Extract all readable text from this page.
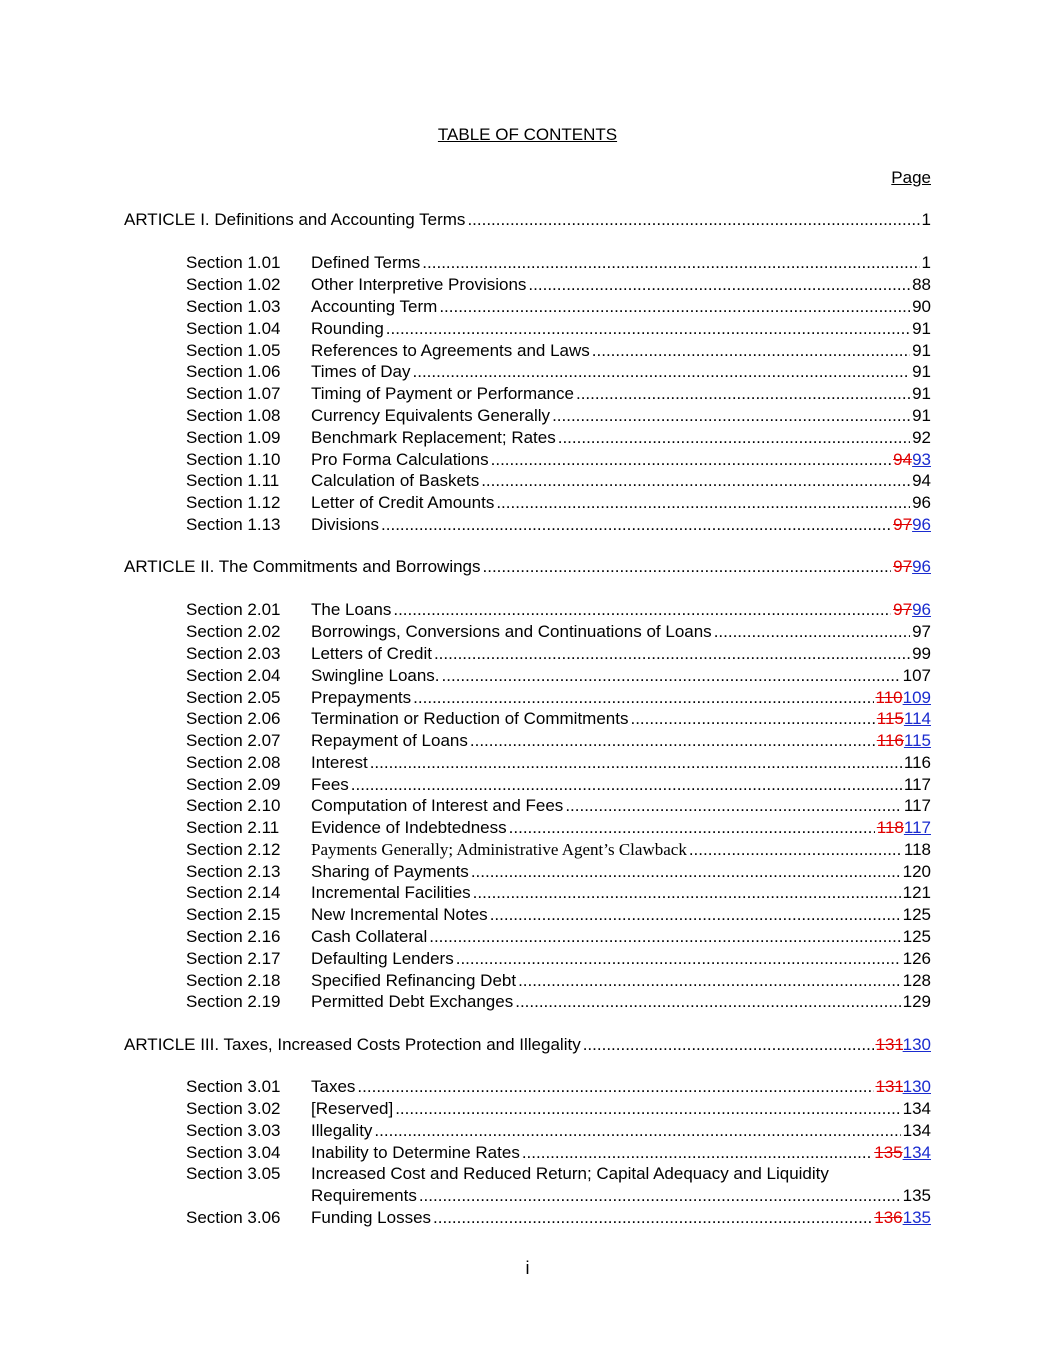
TABLE OF CONTENTS
Page
ARTICLE I. Definitions and Accounting Terms .....	1
Section 1.01	Defined Terms .....	1
Section 1.02	Other Interpretive Provisions .....	88
Section 1.03	Accounting Term .....	90
Section 1.04	Rounding .....	91
Section 1.05	References to Agreements and Laws .....	91
Section 1.06	Times of Day .....	91
Section 1.07	Timing of Payment or Performance .....	91
Section 1.08	Currency Equivalents Generally .....	91
Section 1.09	Benchmark Replacement; Rates .....	92
Section 1.10	Pro Forma Calculations .....	9493
Section 1.11	Calculation of Baskets .....	94
Section 1.12	Letter of Credit Amounts .....	96
Section 1.13	Divisions .....	9796
ARTICLE II. The Commitments and Borrowings .....	9796
Section 2.01	The Loans .....	9796
Section 2.02	Borrowings, Conversions and Continuations of Loans .....	97
Section 2.03	Letters of Credit .....	99
Section 2.04	Swingline Loans. .....	107
Section 2.05	Prepayments .....	110109
Section 2.06	Termination or Reduction of Commitments .....	115114
Section 2.07	Repayment of Loans .....	116115
Section 2.08	Interest .....	116
Section 2.09	Fees .....	117
Section 2.10	Computation of Interest and Fees .....	117
Section 2.11	Evidence of Indebtedness .....	118117
Section 2.12	Payments Generally; Administrative Agent’s Clawback .....	118
Section 2.13	Sharing of Payments .....	120
Section 2.14	Incremental Facilities .....	121
Section 2.15	New Incremental Notes .....	125
Section 2.16	Cash Collateral .....	125
Section 2.17	Defaulting Lenders .....	126
Section 2.18	Specified Refinancing Debt .....	128
Section 2.19	Permitted Debt Exchanges .....	129
ARTICLE III. Taxes, Increased Costs Protection and Illegality .....	131130
Section 3.01	Taxes .....	131130
Section 3.02	[Reserved] .....	134
Section 3.03	Illegality .....	134
Section 3.04	Inability to Determine Rates .....	135134
Section 3.05 Increased Cost and Reduced Return; Capital Adequacy and Liquidity
Requirements .....	135
Section 3.06	Funding Losses .....	136135
i
